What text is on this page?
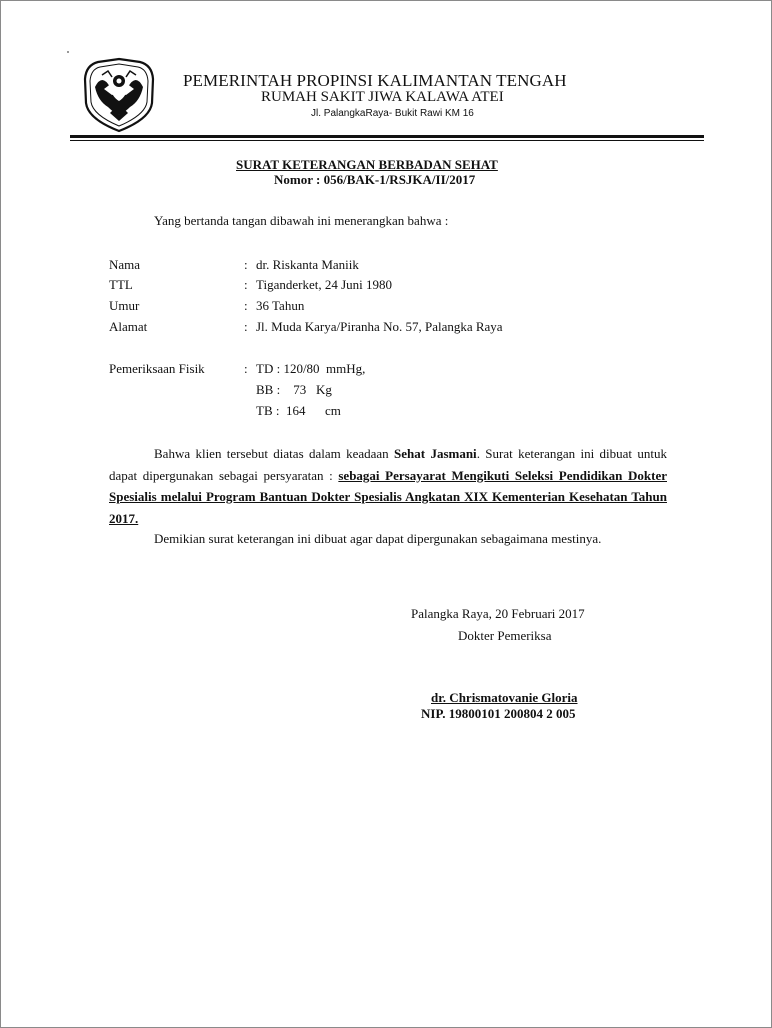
PEMERINTAH PROPINSI KALIMANTAN TENGAH
RUMAH SAKIT JIWA KALAWA ATEI
Jl. PalangkaRaya- Bukit Rawi KM 16
SURAT KETERANGAN BERBADAN SEHAT
Nomor : 056/BAK-1/RSJKA/II/2017
Yang bertanda tangan dibawah ini menerangkan bahwa :
Nama	: dr. Riskanta Maniik
TTL	: Tiganderket, 24 Juni 1980
Umur	: 36 Tahun
Alamat	: Jl. Muda Karya/Piranha No. 57, Palangka Raya
Pemeriksaan Fisik	: TD : 120/80  mmHg,
BB :    73   Kg
TB :  164      cm
Bahwa klien tersebut diatas dalam keadaan Sehat Jasmani. Surat keterangan ini dibuat untuk dapat dipergunakan sebagai persyaratan : sebagai Persayarat Mengikuti Seleksi Pendidikan Dokter Spesialis melalui Program Bantuan Dokter Spesialis Angkatan XIX Kementerian Kesehatan Tahun 2017.
Demikian surat keterangan ini dibuat agar dapat dipergunakan sebagaimana mestinya.
Palangka Raya, 20 Februari 2017
Dokter Pemeriksa
dr. Chrismatovanie Gloria
NIP. 19800101 200804 2 005
